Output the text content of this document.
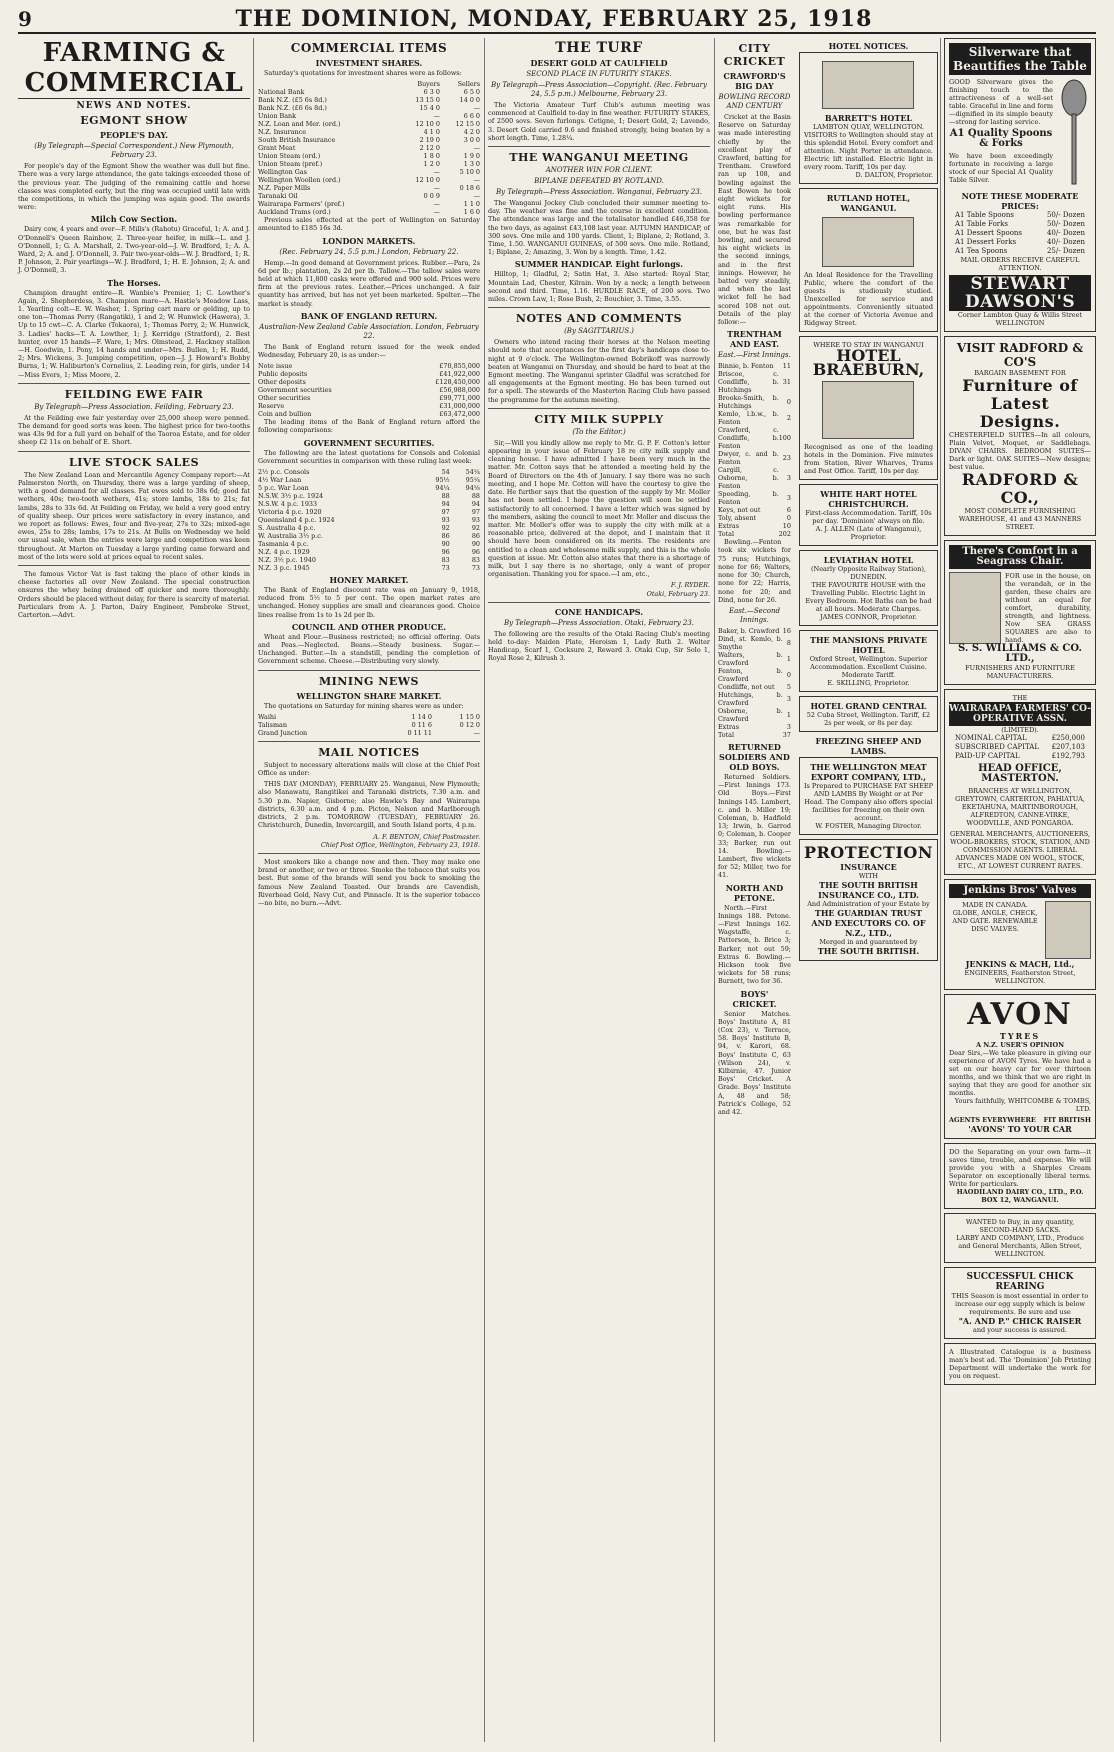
9	THE DOMINION, MONDAY, FEBRUARY 25, 1918
FARMING & COMMERCIAL
NEWS AND NOTES.
EGMONT SHOW
PEOPLE'S DAY.
(By Telegraph—Special Correspondent.) New Plymouth, February 23.

For people's day of the Egmont Show the weather was dull but fine. There was a very large attendance, the gate takings exceeded those of the previous year. The judging of the remaining cattle and horse classes was completed early, but the ring was occupied until late with the competitions, in which the jumping was again good. The awards were:

Milch Cow Section.

Dairy cow, 4 years and over—F. Mills's (Rahotu) Graceful, 1; A. and J. O'Donnell's Queen Rainbow, 2. Three-year heifer, in milk—L. and J. O'Donnell, 1; G. A. Marshall, 2. Two-year-old—J. W. Bradford, 1; A. A. Ward, 2; A. and J. O'Donnell, 3. Pair two-year-olds—W. J. Bradford, 1; R. P. Johnson, 2. Pair yearlings—W. J. Bradford, 1; H. E. Johnson, 2; A. and J. O'Donnell, 3.

The Horses.

Champion draught entire—R. Wanbie's Premier, 1; C. Lowther's Again, 2. Shepherdess, 3. Champion mare—A. Hastie's Meadow Lass, 1. Yearling colt—E. W. Washer, 1. Spring cart mare or gelding, up to one ton—Thomas Perry (Rangatiki), 1 and 2; W. Hunwick (Hawera), 3. Up to 15 cwt—C. A. Clarke (Tokaora), 1; Thomas Perry, 2; W. Hunwick, 3. Ladies' hacks—T. A. Lowther, 1; J. Kerridge (Stratford), 2. Best hunter, over 15 hands—F. Ware, 1; Mrs. Olmstead, 2. Hackney stallion—H. Goodwin, 1. Pony, 14 hands and under—Mrs. Bullen, 1; H. Rudd, 2; Mrs. Wickens, 3. Jumping competition, open—J. J. Howard's Bobby Burns, 1; W. Haliburton's Cornelius, 2. Leading rein, for girls, under 14—Miss Evers, 1; Miss Moore, 2.

FEILDING EWE FAIR
By Telegraph—Press Association. Feilding, February 23.

At the Feilding ewe fair yesterday over 25,000 sheep were penned. The demand for good sorts was keen. The highest price for two-tooths was 43s 9d for a full yard on behalf of the Taoroa Estate, and for older sheep £2 11s on behalf of E. Short.

LIVE STOCK SALES

The New Zealand Loan and Mercantile Agency Company report:—At Palmerston North, on Thursday, there was a large yarding of sheep, with a good demand for all classes. Fat ewes sold to 38s 6d; good fat wethers, 40s; two-tooth wethers, 41s; store lambs, 18s to 21s; fat lambs, 28s to 33s 6d. At Feilding on Friday, we held a very good entry of quality sheep. Our prices were satisfactory in every instance, and we report as follows: Ewes, four and five-year, 27s to 32s; mixed-age ewes, 25s to 28s; lambs, 17s to 21s. At Bulls on Wednesday we held our usual sale, when the entries were large and competition was keen throughout. At Marton on Tuesday a large yarding came forward and most of the lots were sold at prices equal to recent sales.

The famous Victor Vat is fast taking the place of other kinds in cheese factories all over New Zealand. The special construction ensures the whey being drained off quicker and more thoroughly. Orders should be placed without delay, for there is scarcity of material. Particulars from A. J. Parton, Dairy Engineer, Pembroke Street, Carterton.—Advt.

COMMERCIAL ITEMS
INVESTMENT SHARES.

Saturday's quotations for investment shares were as follows:

	Buyers	Sellers
National Bank	6 3 0	6 5 0
Bank N.Z. (£5 6s 8d.)	13 15 0	14 0 0
Bank N.Z. (£6 6s 8d.)	15 4 0	—
Union Bank	—	6 6 0
N.Z. Loan and Mer. (ord.)	12 10 0	12 15 0
N.Z. Insurance	4 1 0	4 2 0
South British Insurance	2 19 0	3 0 0
Grant Meat	2 12 0	—
Union Steam (ord.)	1 8 0	1 9 0
Union Steam (pref.)	1 2 0	1 3 0
Wellington Gas	—	5 10 0
Wellington Woollen (ord.)	12 10 0	—
N.Z. Paper Mills	—	0 18 6
Taranaki Oil	0 0 9	—
Wairarapa Farmers' (pref.)	—	1 1 0
Auckland Trams (ord.)	—	1 6 0

Previous sales effected at the port of Wellington on Saturday amounted to £185 16s 3d.

LONDON MARKETS.
(Rec. February 24, 5.5 p.m.) London, February 22.

Hemp.—In good demand at Government prices. Rubber.—Para, 2s 6d per lb.; plantation, 2s 2d per lb. Tallow.—The tallow sales were held at which 11,800 casks were offered and 900 sold. Prices were firm at the previous rates. Leather.—Prices unchanged. A fair quantity has arrived, but has not yet been marketed. Spelter.—The market is steady.

BANK OF ENGLAND RETURN.
Australian-New Zealand Cable Association. London, February 22.

The Bank of England return issued for the week ended Wednesday, February 20, is as under:—

Note issue	£70,855,000
Public deposits	£41,922,000
Other deposits	£128,450,000
Government securities	£56,988,000
Other securities	£99,771,000
Reserve	£31,000,000
Coin and bullion	£63,472,000

The leading items of the Bank of England return afford the following comparisons:

GOVERNMENT SECURITIES.

The following are the latest quotations for Consols and Colonial Government securities in comparison with those ruling last week:

2½ p.c. Consols	54	54¼
4½ War Loan	95½	95¼
5 p.c. War Loan	94¼	94⅛
N.S.W. 3½ p.c. 1924	88	88
N.S.W. 4 p.c. 1933	94	94
Victoria 4 p.c. 1920	97	97
Queensland 4 p.c. 1924	93	93
S. Australia 4 p.c.	92	92
W. Australia 3½ p.c.	86	86
Tasmania 4 p.c.	90	90
N.Z. 4 p.c. 1929	96	96
N.Z. 3½ p.c. 1940	83	83
N.Z. 3 p.c. 1945	73	73
HONEY MARKET.

The Bank of England discount rate was on January 9, 1918, reduced from 5½ to 5 per cent. The open market rates are unchanged. Honey supplies are small and clearances good. Choice lines realise from 1s to 1s 2d per lb.

COUNCIL AND OTHER PRODUCE.

Wheat and Flour.—Business restricted; no official offering. Oats and Peas.—Neglected. Beans.—Steady business. Sugar.—Unchanged. Butter.—In a standstill, pending the completion of Government scheme. Cheese.—Distributing very slowly.

MINING NEWS
WELLINGTON SHARE MARKET.

The quotations on Saturday for mining shares were as under:

Waihi	1 14 0	1 15 0
Talisman	0 11 6	0 12 0
Grand Junction	0 11 11	—
MAIL NOTICES

Subject to necessary alterations mails will close at the Chief Post Office as under:

THIS DAY (MONDAY), FEBRUARY 25. Wanganui, New Plymouth; also Manawatu, Rangitikei and Taranaki districts, 7.30 a.m. and 5.30 p.m. Napier, Gisborne; also Hawke's Bay and Wairarapa districts, 6.30 a.m. and 4 p.m. Picton, Nelson and Marlborough districts, 2 p.m. TOMORROW (TUESDAY), FEBRUARY 26. Christchurch, Dunedin, Invercargill, and South Island ports, 4 p.m.

A. F. BENTON, Chief Postmaster.
Chief Post Office, Wellington, February 23, 1918.

Most smokers like a change now and then. They may make one brand or another, or two or three. Smoke the tobacco that suits you best. But some of the brands will send you back to smoking the famous New Zealand Toasted. Our brands are Cavendish, Riverhead Gold, Navy Cut, and Pinnacle. It is the superior tobacco—no bite, no burn.—Advt.

THE TURF
DESERT GOLD AT CAULFIELD
SECOND PLACE IN FUTURITY STAKES.
By Telegraph—Press Association—Copyright. (Rec. February 24, 5.5 p.m.) Melbourne, February 23.

The Victoria Amateur Turf Club's autumn meeting was commenced at Caulfield to-day in fine weather. FUTURITY STAKES, of 2500 sovs. Seven furlongs. Cetigne, 1; Desert Gold, 2; Lavendo, 3. Desert Gold carried 9.6 and finished strongly, being beaten by a short length. Time, 1.28¼.

THE WANGANUI MEETING
ANOTHER WIN FOR CLIENT.
BIPLANE DEFEATED BY ROTLAND.
By Telegraph—Press Association. Wanganui, February 23.

The Wanganui Jockey Club concluded their summer meeting to-day. The weather was fine and the course in excellent condition. The attendance was large and the totalisator handled £46,358 for the two days, as against £43,108 last year. AUTUMN HANDICAP, of 300 sovs. One mile and 100 yards. Client, 1; Biplane, 2; Rotland, 3. Time, 1.50. WANGANUI GUINEAS, of 500 sovs. One mile. Rotland, 1; Biplane, 2; Amazing, 3. Won by a length. Time, 1.42.

SUMMER HANDICAP. Eight furlongs.

Hilltop, 1; Gladful, 2; Satin Hat, 3. Also started: Royal Star, Mountain Lad, Chester, Kilrain. Won by a neck; a length between second and third. Time, 1.16. HURDLE RACE, of 200 sovs. Two miles. Crown Law, 1; Rose Bush, 2; Bouchier, 3. Time, 3.55.

NOTES AND COMMENTS
(By SAGITTARIUS.)

Owners who intend racing their horses at the Nelson meeting should note that acceptances for the first day's handicaps close to-night at 9 o'clock. The Wellington-owned Bobrikoff was narrowly beaten at Wanganui on Thursday, and should be hard to beat at the Egmont meeting. The Wanganui sprinter Gladful was scratched for all engagements at the Egmont meeting. He has been turned out for a spell. The stewards of the Masterton Racing Club have passed the programme for the autumn meeting.

CITY MILK SUPPLY
(To the Editor.)

Sir,—Will you kindly allow me reply to Mr. G. P. F. Cotton's letter appearing in your issue of February 18 re city milk supply and cleaning house. I have admitted I have been very much in the matter. Mr. Cotton says that he attended a meeting held by the Board of Directors on the 4th of January. I say there was no such meeting, and I hope Mr. Cotton will have the courtesy to give the date. He further says that the question of the supply by Mr. Moller has not been settled. I hope the question will soon be settled satisfactorily to all concerned. I have a letter which was signed by the members, asking the council to meet Mr. Moller and discuss the matter. Mr. Moller's offer was to supply the city with milk at a reasonable price, delivered at the depot, and I maintain that it should have been considered on its merits. The residents are entitled to a clean and wholesome milk supply, and this is the whole question at issue. Mr. Cotton also states that there is a shortage of milk, but I say there is no shortage, only a want of proper organisation. Thanking you for space.—I am, etc.,

F. J. RYDER.
Otaki, February 23.
CONE HANDICAPS.
By Telegraph—Press Association. Otaki, February 23.

The following are the results of the Otaki Racing Club's meeting held to-day: Maiden Plate, Heroism 1, Lady Ruth 2. Welter Handicap, Scarf 1, Cocksure 2, Reward 3. Otaki Cup, Sir Solo 1, Royal Rose 2, Kilrush 3.

CITY CRICKET
CRAWFORD'S BIG DAY
BOWLING RECORD AND CENTURY

Cricket at the Basin Reserve on Saturday was made interesting chiefly by the excellent play of Crawford, batting for Trentham. Crawford ran up 108, and bowling against the East Bowen he took eight wickets for eight runs. His bowling performance was remarkable for one, but he was fast bowling, and secured his eight wickets in the second innings, and in the first innings. However, he batted very steadily, and when the last wicket fell he had scored 108 not out. Details of the play follow:—

TRENTHAM AND EAST.
East.—First Innings.
Binnie, b. Fenton	11
Briscoe, c. Condliffe, b. Hutchings	31
Brooke-Smith, b. Hutchings	0
Kemlo, l.b.w., b. Fenton	2
Crawford, c. Condliffe, b. Fenton	100
Dwyer, c. and b. Fenton	23
Cargill, c. Osborne, b. Fenton	3
Speeding, b. Fenton	3
Keys, not out	6
Toly, absent	0
Extras	10
Total	202

Bowling.—Fenton took six wickets for 75 runs; Hutchings, none for 66; Walters, none for 30; Church, none for 22; Harris, none for 20; and Dind, none for 26.

East.—Second Innings.
Baker, b. Crawford	16
Dind, st. Kemlo, b. Smythe	8
Walters, b. Crawford	1
Fenton, b. Crawford	0
Condliffe, not out	5
Hutchings, b. Crawford	3
Osborne, b. Crawford	1
Extras	3
Total	37
RETURNED SOLDIERS AND OLD BOYS.

Returned Soldiers.—First Innings 173. Old Boys.—First Innings 145. Lambert, c. and b. Miller 19; Coleman, b. Hadfield 13; Irwin, b. Garrod 0; Coleman, b. Cooper 33; Barker, run out 14. Bowling.—Lambert, five wickets for 52; Miller, two for 41.

NORTH AND PETONE.

North.—First Innings 188. Petone.—First Innings 162. Wagstaffe, c. Patterson, b. Brice 3; Barker, not out 59; Extras 6. Bowling.—Hickson took five wickets for 58 runs; Burnett, two for 36.

BOYS' CRICKET.

Senior Matches. Boys' Institute A, 81 (Cox 23), v. Terrace, 58. Boys' Institute B, 94, v. Karori, 68. Boys' Institute C, 63 (Wilson 24), v. Kilbirnie, 47. Junior Boys' Cricket. A Grade. Boys' Institute A, 48 and 58; Patrick's College, 52 and 42.

HOTEL NOTICES.
BARRETT'S HOTEL
LAMBTON QUAY, WELLINGTON.
VISITORS to Wellington should stay at this splendid Hotel. Every comfort and attention. Night Porter in attendance. Electric lift installed. Electric light in every room. Tariff, 10s per day.
D. DALTON, Proprietor.
RUTLAND HOTEL, WANGANUI.
An Ideal Residence for the Travelling Public, where the comfort of the guests is studiously studied. Unexcelled for service and appointments. Conveniently situated at the corner of Victoria Avenue and Ridgway Street.
WHERE TO STAY IN WANGANUI
HOTEL BRAEBURN,
Recognised as one of the leading hotels in the Dominion. Five minutes from Station, River Wharves, Trams and Post Office. Tariff, 10s per day.
WHITE HART HOTEL CHRISTCHURCH.
First-class Accommodation. Tariff, 10s per day. 'Dominion' always on file.
A. J. ALLEN (Late of Wanganui), Proprietor.
LEVIATHAN HOTEL
(Nearly Opposite Railway Station), DUNEDIN.
THE FAVOURITE HOUSE with the Travelling Public. Electric Light in Every Bedroom. Hot Baths can be had at all hours. Moderate Charges.
JAMES CONNOR, Proprietor.
THE MANSIONS PRIVATE HOTEL
Oxford Street, Wellington. Superior Accommodation. Excellent Cuisine. Moderate Tariff.
E. SKILLING, Proprietor.
HOTEL GRAND CENTRAL
52 Cuba Street, Wellington. Tariff, £2 2s per week, or 8s per day.
FREEZING SHEEP AND LAMBS.
THE WELLINGTON MEAT EXPORT COMPANY, LTD.,
Is Prepared to PURCHASE FAT SHEEP AND LAMBS By Weight or at Per Head. The Company also offers special facilities for freezing on their own account.
W. FOSTER, Managing Director.
PROTECTION
INSURANCE
WITH
THE SOUTH BRITISH INSURANCE CO., LTD.
And Administration of your Estate by
THE GUARDIAN TRUST AND EXECUTORS CO. OF N.Z., LTD.,
Merged in and guaranteed by
THE SOUTH BRITISH.
Silverware that Beautifies the Table
GOOD Silverware gives the finishing touch to the attractiveness of a well-set table. Graceful in line and form—dignified in its simple beauty—strong for lasting service.
A1 Quality Spoons & Forks
We have been exceedingly fortunate in receiving a large stock of our Special A1 Quality Table Silver.
NOTE THESE MODERATE PRICES:
A1 Table Spoons	50/- Dozen
A1 Table Forks	50/- Dozen
A1 Dessert Spoons	40/- Dozen
A1 Dessert Forks	40/- Dozen
A1 Tea Spoons	25/- Dozen
MAIL ORDERS RECEIVE CAREFUL ATTENTION.
STEWART DAWSON'S
Corner Lambton Quay & Willis Street WELLINGTON
VISIT RADFORD & CO'S
BARGAIN BASEMENT FOR
Furniture of Latest Designs.
CHESTERFIELD SUITES—In all colours, Plain Velvet, Moquet, or Saddlebags. DIVAN CHAIRS. BEDROOM SUITES—Dark or light. OAK SUITES—New designs; best value.
RADFORD & CO.,
MOST COMPLETE FURNISHING WAREHOUSE, 41 and 43 MANNERS STREET.
There's Comfort in a Seagrass Chair.
FOR use in the house, on the verandah, or in the garden, these chairs are without an equal for comfort, durability, strength, and lightness. Now SEA GRASS SQUARES are also to hand.
S. S. WILLIAMS & CO. LTD.,
FURNISHERS AND FURNITURE MANUFACTURERS.
THE
WAIRARAPA FARMERS' CO-OPERATIVE ASSN.
(LIMITED).
NOMINAL CAPITAL	£250,000
SUBSCRIBED CAPITAL £207,103
PAID-UP CAPITAL	£192,793
HEAD OFFICE, MASTERTON.
BRANCHES AT WELLINGTON, GREYTOWN, CARTERTON, PAHIATUA, EKETAHUNA, MARTINBOROUGH, ALFREDTON, CANNE-VIRKE, WOODVILLE, AND PONGAROA.
GENERAL MERCHANTS, AUCTIONEERS, WOOL-BROKERS, STOCK, STATION, AND COMMISSION AGENTS. LIBERAL ADVANCES MADE ON WOOL, STOCK, ETC., AT LOWEST CURRENT RATES.
Jenkins Bros' Valves
MADE IN CANADA. GLOBE, ANGLE, CHECK, AND GATE. RENEWABLE DISC VALVES.
JENKINS & MACH, Ltd.,
ENGINEERS, Featherston Street, WELLINGTON.
AVON
TYRES
A N.Z. USER'S OPINION
Dear Sirs,—We take pleasure in giving our experience of AVON Tyres. We have had a set on our heavy car for over thirteen months, and we think that we are right in saying that they are good for another six months.
Yours faithfully, WHITCOMBE & TOMBS, LTD.
AGENTS EVERYWHERE FIT BRITISH
'AVONS' TO YOUR CAR
DO the Separating on your own farm—it saves time, trouble, and expense. We will provide you with a Sharples Cream Separator on exceptionally liberal terms. Write for particulars.
HAODILAND DAIRY CO., LTD., P.O. BOX 12, WANGANUI.
WANTED to Buy, in any quantity, SECOND-HAND SACKS.
LARBY AND COMPANY, LTD., Produce and General Merchants, Allen Street, WELLINGTON.
SUCCESSFUL CHICK REARING
THIS Season is most essential in order to increase our egg supply which is below requirements. Be sure and use
"A. AND P." CHICK RAISER
and your success is assured.
A Illustrated Catalogue is a business man's best ad. The 'Dominion' Job Printing Department will undertake the work for you on request.
